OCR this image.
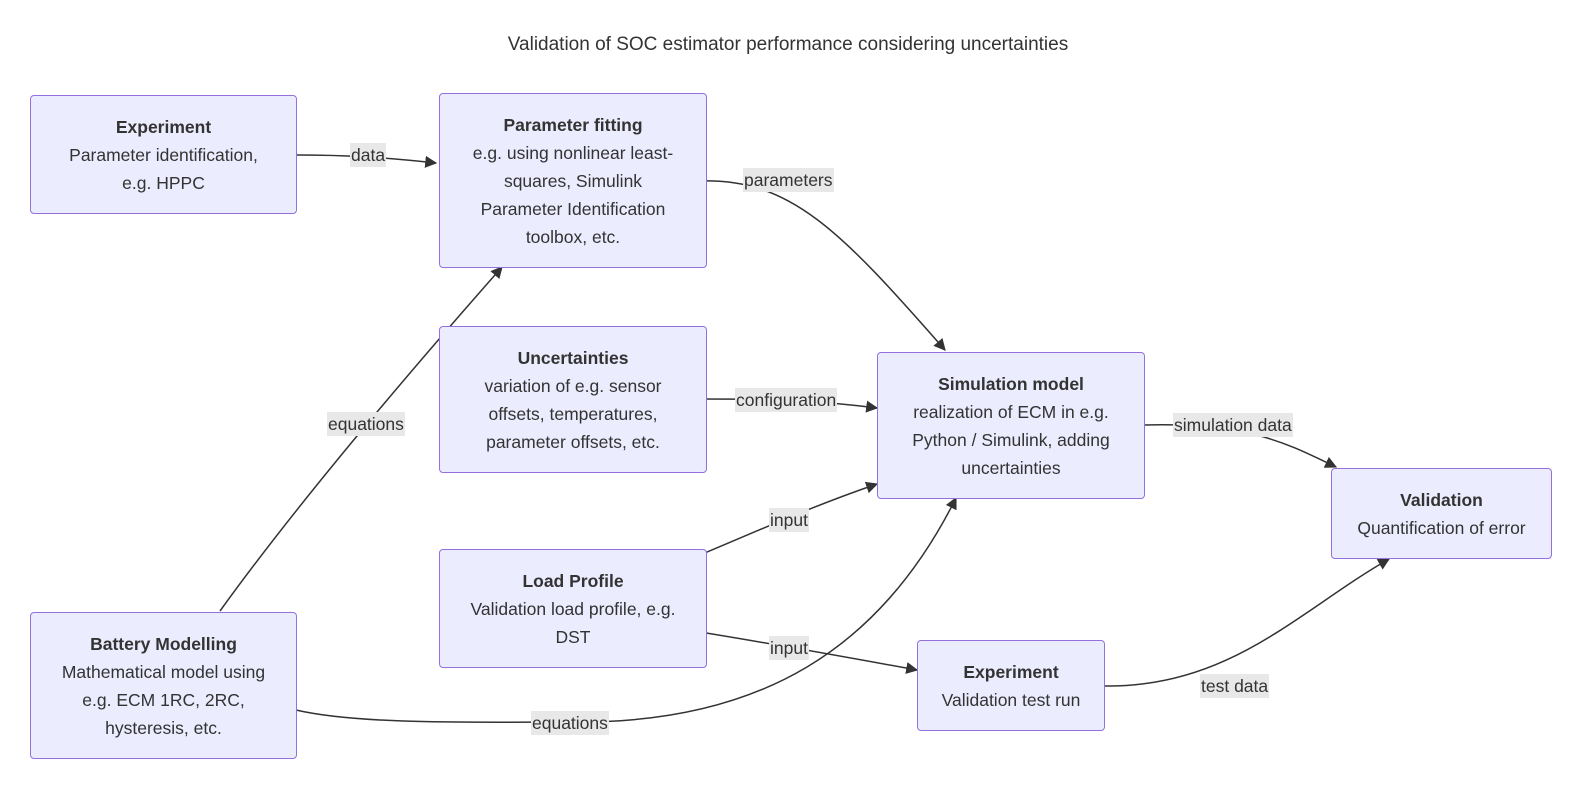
Validation of SOC estimator performance considering uncertainties
Experiment
Parameter identification,
e.g. HPPC
Parameter fitting
e.g. using nonlinear least-
squares, Simulink
Parameter Identification
toolbox, etc.
Uncertainties
variation of e.g. sensor
offsets, temperatures,
parameter offsets, etc.
Simulation model
realization of ECM in e.g.
Python / Simulink, adding
uncertainties
Load Profile
Validation load profile, e.g.
DST
Battery Modelling
Mathematical model using
e.g. ECM 1RC, 2RC,
hysteresis, etc.
Experiment
Validation test run
Validation
Quantification of error
data
parameters
equations
configuration
input
input
equations
simulation data
test data
